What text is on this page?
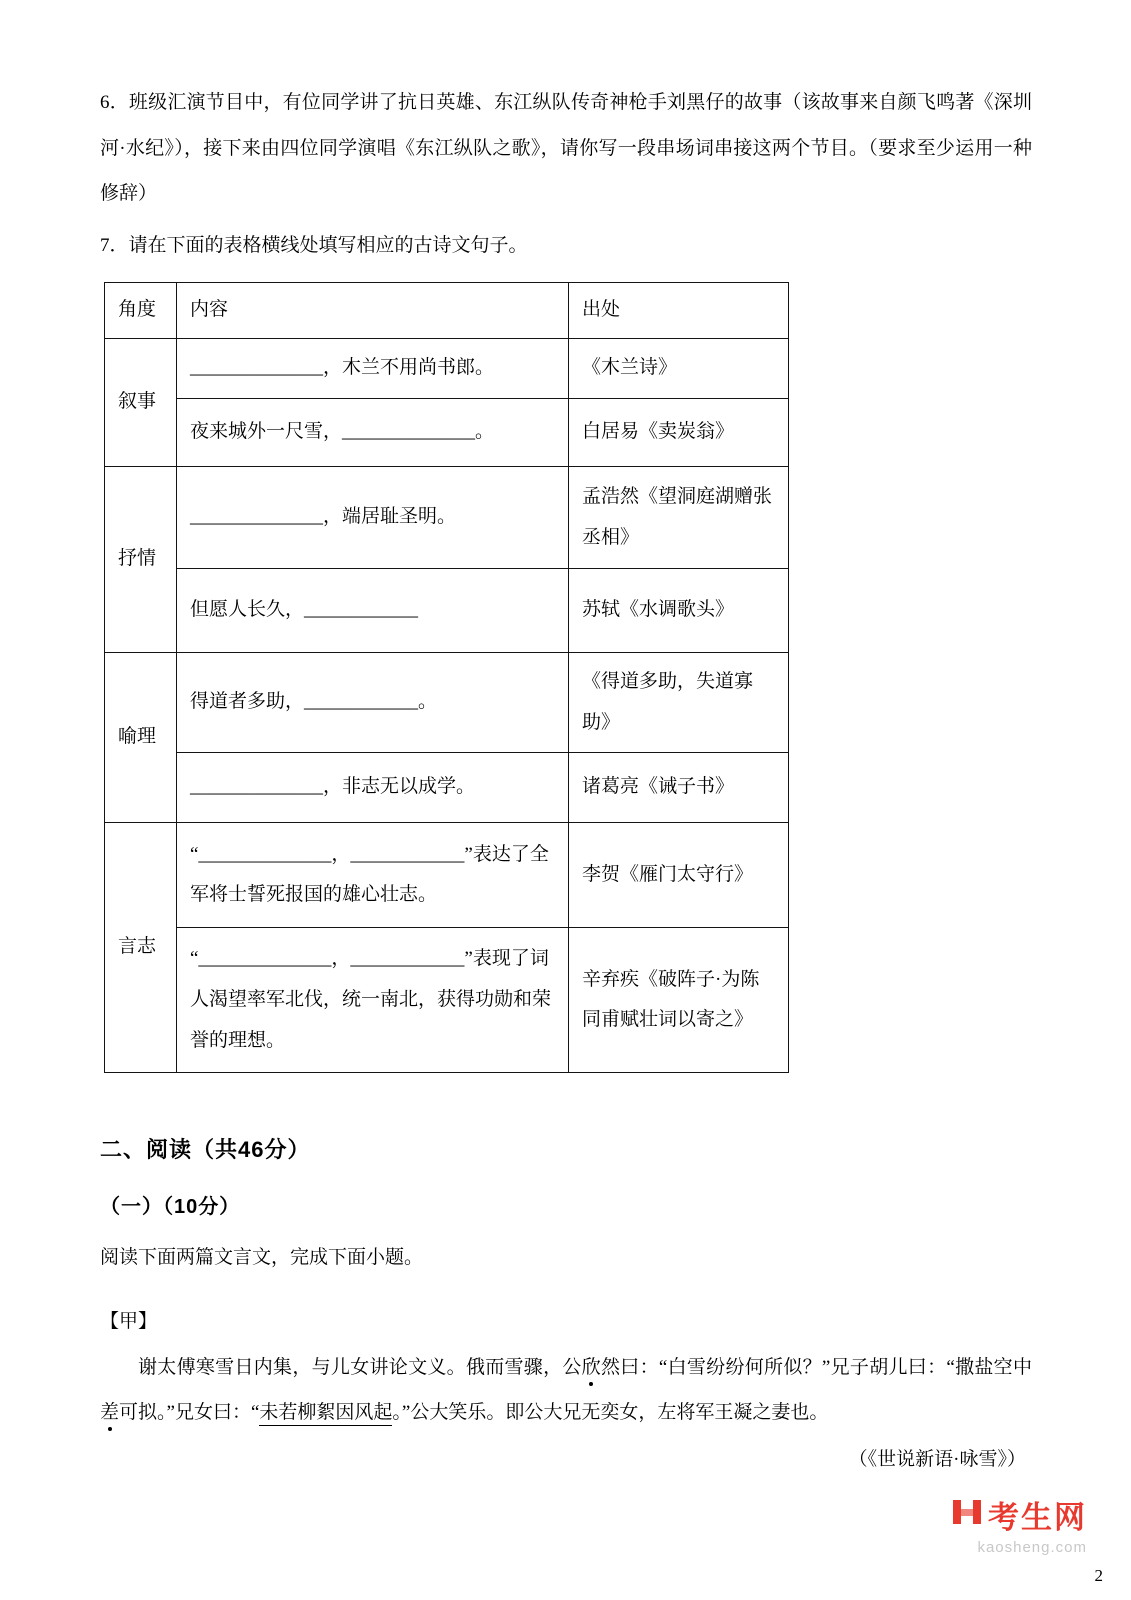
6．班级汇演节目中，有位同学讲了抗日英雄、东江纵队传奇神枪手刘黑仔的故事（该故事来自颜飞鸣著《深圳河·水纪》），接下来由四位同学演唱《东江纵队之歌》，请你写一段串场词串接这两个节目。（要求至少运用一种修辞）

7．请在下面的表格横线处填写相应的古诗文句子。

角度	内容	出处
叙事	______________，木兰不用尚书郎。	《木兰诗》
	夜来城外一尺雪，______________。	白居易《卖炭翁》
抒情	______________，端居耻圣明。	孟浩然《望洞庭湖赠张丞相》
	但愿人长久，____________	苏轼《水调歌头》
喻理	得道者多助，____________。	《得道多助，失道寡助》
	______________，非志无以成学。	诸葛亮《诫子书》
言志	“______________，____________”表达了全军将士誓死报国的雄心壮志。	李贺《雁门太守行》
	“______________，____________”表现了词人渴望率军北伐，统一南北，获得功勋和荣誉的理想。	辛弃疾《破阵子·为陈同甫赋壮词以寄之》
二、阅读（共46分）
（一）（10分）

阅读下面两篇文言文，完成下面小题。

【甲】

谢太傅寒雪日内集，与儿女讲论文义。俄而雪骤，公欣然曰：“白雪纷纷何所似？”兄子胡儿曰：“撒盐空中差可拟。”兄女曰：“未若柳絮因风起。”公大笑乐。即公大兄无奕女，左将军王凝之妻也。

（《世说新语·咏雪》）

考生网
kaosheng.com
2
